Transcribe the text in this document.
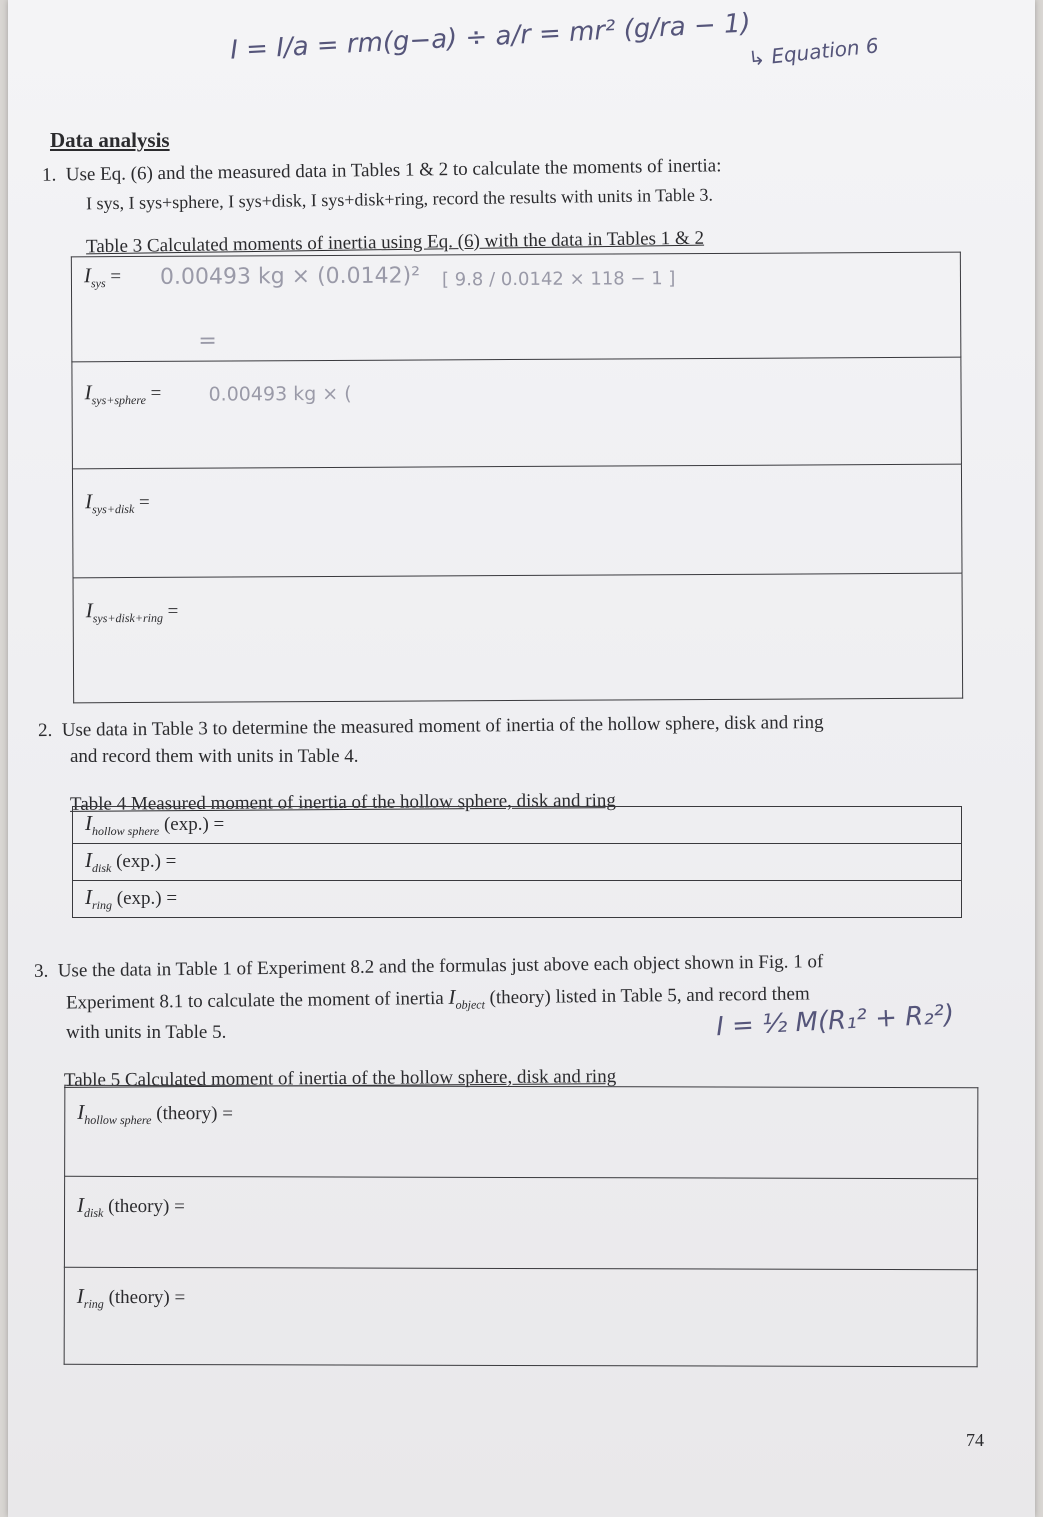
I = I/a = rm(g−a) ÷ a/r = mr² (g/ra − 1)
↳ Equation 6
Data analysis
1. Use Eq. (6) and the measured data in Tables 1 & 2 to calculate the moments of inertia:
I sys, I sys+sphere, I sys+disk, I sys+disk+ring, record the results with units in Table 3.
Table 3 Calculated moments of inertia using Eq. (6) with the data in Tables 1 & 2
$I_{sys} = 0.00493$ kg × (0.0142)² [ 9.8 / 0.0142 × 118 − 1 ]
=

$I_{sys+sphere} = 0.00493$ kg × (

$I_{sys+disk}$ =

$I_{sys+disk+ring}$ =
2. Use data in Table 3 to determine the measured moment of inertia of the hollow sphere, disk and ring
and record them with units in Table 4.
Table 4 Measured moment of inertia of the hollow sphere, disk and ring
$I_{hollow sphere}$ (exp.) =

$I_{disk}$ (exp.) =

$I_{ring}$ (exp.) =
3. Use the data in Table 1 of Experiment 8.2 and the formulas just above each object shown in Fig. 1 of
Experiment 8.1 to calculate the moment of inertia $I_{object}$ (theory) listed in Table 5, and record them
with units in Table 5.	I = ½ M(R₁² + R₂²)
Table 5 Calculated moment of inertia of the hollow sphere, disk and ring
$I_{hollow sphere}$ (theory) =

$I_{disk}$ (theory) =

$I_{ring}$ (theory) =
74
